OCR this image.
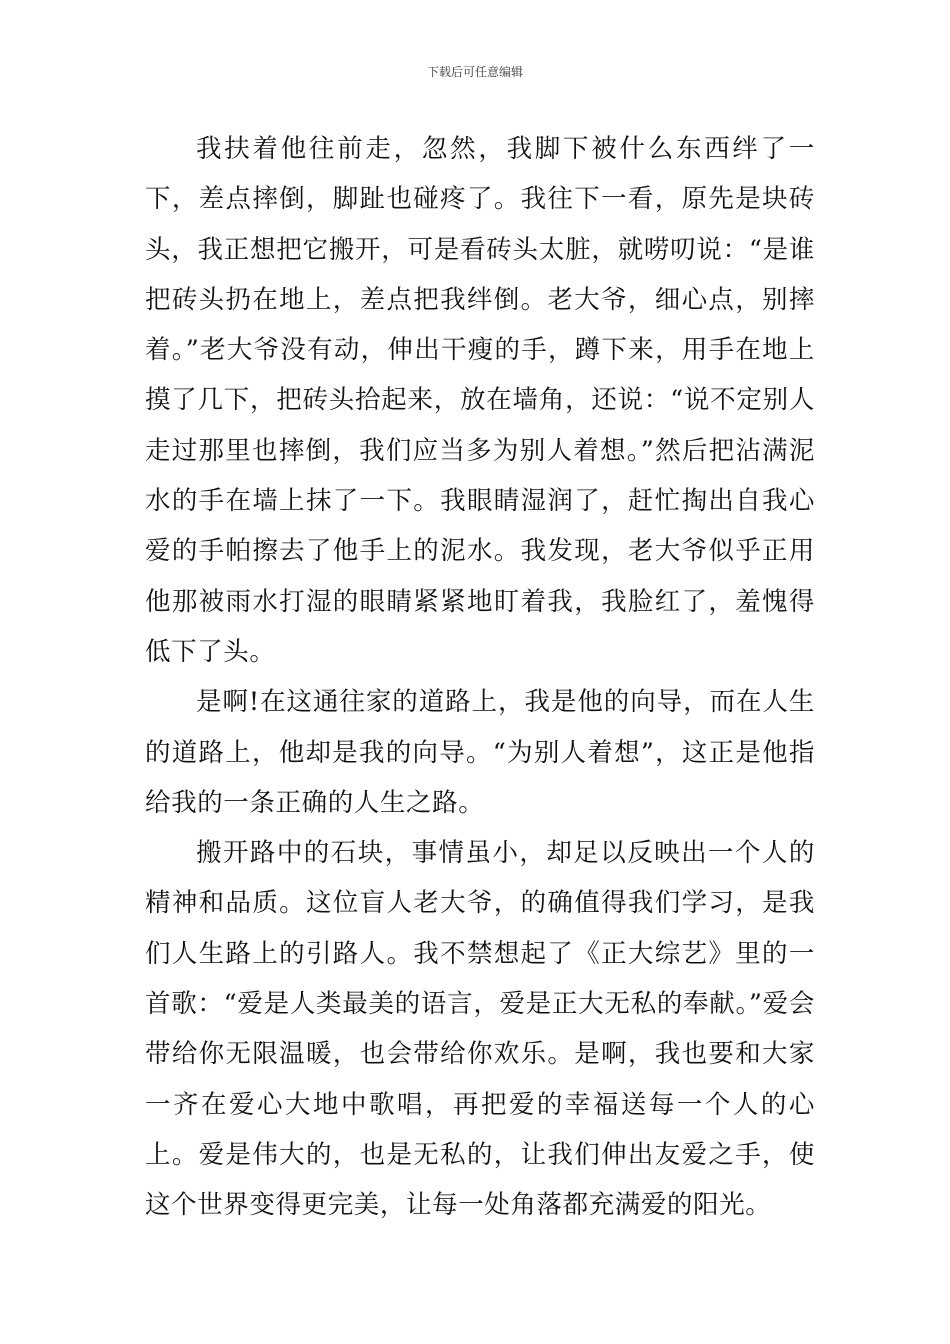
下载后可任意编辑

我扶着他往前走，忽然，我脚下被什么东西绊了一下，差点摔倒，脚趾也碰疼了。我往下一看，原先是块砖头，我正想把它搬开，可是看砖头太脏，就唠叨说：“是谁把砖头扔在地上，差点把我绊倒。老大爷，细心点，别摔着。”老大爷没有动，伸出干瘦的手，蹲下来，用手在地上摸了几下，把砖头拾起来，放在墙角，还说：“说不定别人走过那里也摔倒，我们应当多为别人着想。”然后把沾满泥水的手在墙上抹了一下。我眼睛湿润了，赶忙掏出自我心爱的手帕擦去了他手上的泥水。我发现，老大爷似乎正用他那被雨水打湿的眼睛紧紧地盯着我，我脸红了，羞愧得低下了头。

是啊!在这通往家的道路上，我是他的向导，而在人生的道路上，他却是我的向导。“为别人着想”，这正是他指给我的一条正确的人生之路。

搬开路中的石块，事情虽小，却足以反映出一个人的精神和品质。这位盲人老大爷，的确值得我们学习，是我们人生路上的引路人。我不禁想起了《正大综艺》里的一首歌：“爱是人类最美的语言，爱是正大无私的奉献。”爱会带给你无限温暖，也会带给你欢乐。是啊，我也要和大家一齐在爱心大地中歌唱，再把爱的幸福送每一个人的心上。爱是伟大的，也是无私的，让我们伸出友爱之手，使这个世界变得更完美，让每一处角落都充满爱的阳光。
